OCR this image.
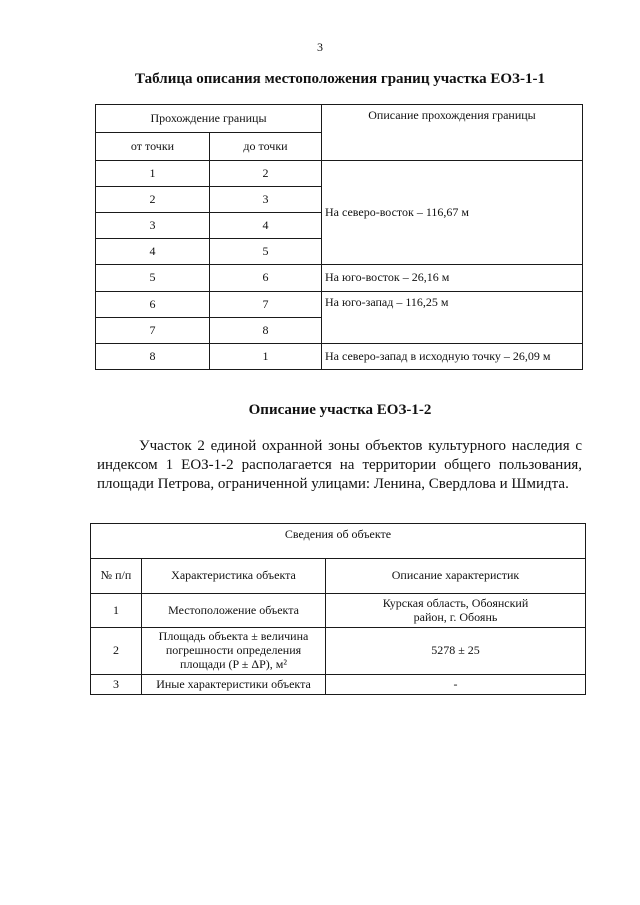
3
Таблица описания местоположения границ участка ЕОЗ-1-1
Прохождение границы		Описание прохождения границы
от точки	до точки	
1	2	На северо-восток – 116,67 м
2	3	
3	4	
4	5	
5	6	На юго-восток – 26,16 м
6	7	На юго-запад – 116,25 м
7	8	
8	1	На северо-запад в исходную точку – 26,09 м
Описание участка ЕОЗ-1-2
Участок 2 единой охранной зоны объектов культурного наследия с индексом 1 ЕОЗ-1-2 располагается на территории общего пользования, площади Петрова, ограниченной улицами: Ленина, Свердлова и Шмидта.
Сведения об объекте		
№ п/п	Характеристика объекта	Описание характеристик
1	Местоположение объекта	Курская область, Обоянский район, г. Обоянь
2	Площадь объекта ± величина погрешности определения площади (P ± ΔP), м²	5278 ± 25
3	Иные характеристики объекта	-
